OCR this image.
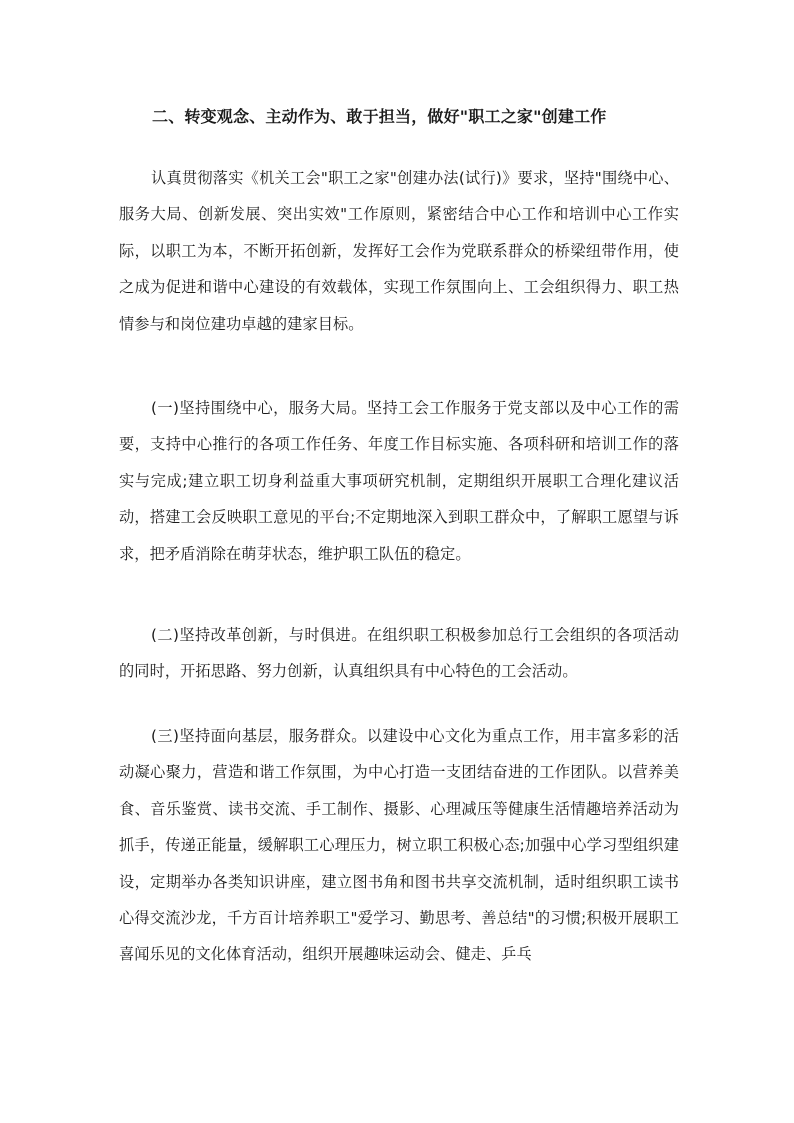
二、转变观念、主动作为、敢于担当，做好"职工之家"创建工作
认真贯彻落实《机关工会"职工之家"创建办法(试行)》要求，坚持"围绕中心、服务大局、创新发展、突出实效"工作原则，紧密结合中心工作和培训中心工作实际，以职工为本，不断开拓创新，发挥好工会作为党联系群众的桥梁纽带作用，使之成为促进和谐中心建设的有效载体，实现工作氛围向上、工会组织得力、职工热情参与和岗位建功卓越的建家目标。
(一)坚持围绕中心，服务大局。坚持工会工作服务于党支部以及中心工作的需要，支持中心推行的各项工作任务、年度工作目标实施、各项科研和培训工作的落实与完成;建立职工切身利益重大事项研究机制，定期组织开展职工合理化建议活动，搭建工会反映职工意见的平台;不定期地深入到职工群众中，了解职工愿望与诉求，把矛盾消除在萌芽状态，维护职工队伍的稳定。
(二)坚持改革创新，与时俱进。在组织职工积极参加总行工会组织的各项活动的同时，开拓思路、努力创新，认真组织具有中心特色的工会活动。
(三)坚持面向基层，服务群众。以建设中心文化为重点工作，用丰富多彩的活动凝心聚力，营造和谐工作氛围，为中心打造一支团结奋进的工作团队。以营养美食、音乐鉴赏、读书交流、手工制作、摄影、心理减压等健康生活情趣培养活动为抓手，传递正能量，缓解职工心理压力，树立职工积极心态;加强中心学习型组织建设，定期举办各类知识讲座，建立图书角和图书共享交流机制，适时组织职工读书心得交流沙龙，千方百计培养职工"爱学习、勤思考、善总结"的习惯;积极开展职工喜闻乐见的文化体育活动，组织开展趣味运动会、健走、乒乓
